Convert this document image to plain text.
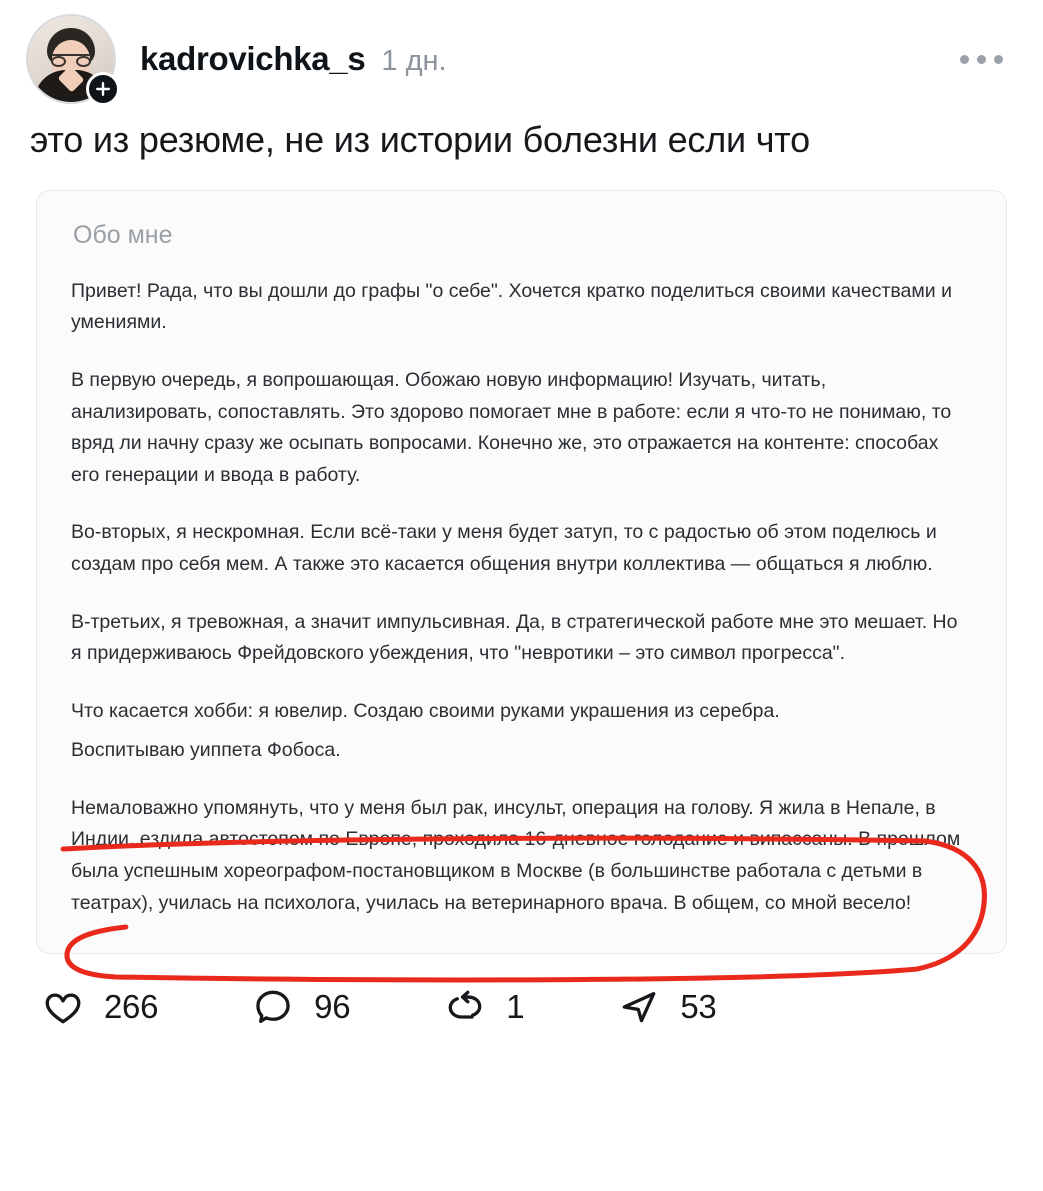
kadrovichka_s 1 дн.
это из резюме, не из истории болезни если что
Обо мне

Привет! Рада, что вы дошли до графы "о себе". Хочется кратко поделиться своими качествами и умениями.

В первую очередь, я вопрошающая. Обожаю новую информацию! Изучать, читать, анализировать, сопоставлять. Это здорово помогает мне в работе: если я что-то не понимаю, то вряд ли начну сразу же осыпать вопросами. Конечно же, это отражается на контенте: способах его генерации и ввода в работу.

Во-вторых, я нескромная. Если всё-таки у меня будет затуп, то с радостью об этом поделюсь и создам про себя мем. А также это касается общения внутри коллектива — общаться я люблю.

В-третьих, я тревожная, а значит импульсивная. Да, в стратегической работе мне это мешает. Но я придерживаюсь Фрейдовского убеждения, что "невротики – это символ прогресса".

Что касается хобби: я ювелир. Создаю своими руками украшения из серебра.

Воспитываю уиппета Фобоса.

Немаловажно упомянуть, что у меня был рак, инсульт, операция на голову. Я жила в Непале, в Индии, ездила автостопом по Европе, проходила 16-дневное голодание и випассаны. В прошлом была успешным хореографом-постановщиком в Москве (в большинстве работала с детьми в театрах), училась на психолога, училась на ветеринарного врача. В общем, со мной весело!

266	96	1	53
